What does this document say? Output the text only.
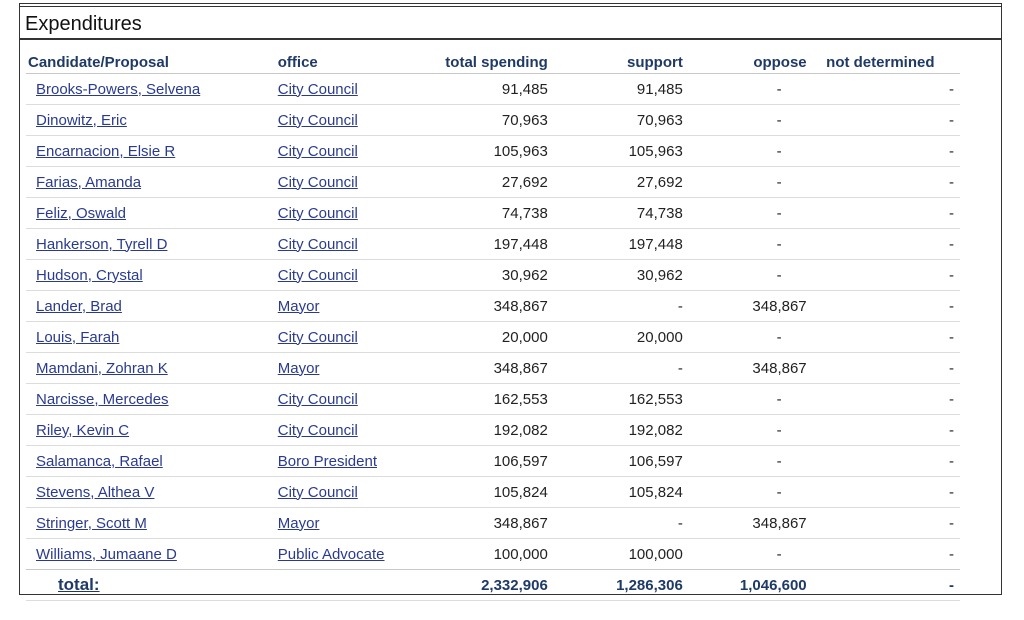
Expenditures
Candidate/Proposal	office	total spending	support	oppose	not determined
Brooks-Powers, Selvena	City Council	91,485	91,485	-	-
Dinowitz, Eric	City Council	70,963	70,963	-	-
Encarnacion, Elsie R	City Council	105,963	105,963	-	-
Farias, Amanda	City Council	27,692	27,692	-	-
Feliz, Oswald	City Council	74,738	74,738	-	-
Hankerson, Tyrell D	City Council	197,448	197,448	-	-
Hudson, Crystal	City Council	30,962	30,962	-	-
Lander, Brad	Mayor	348,867	-	348,867	-
Louis, Farah	City Council	20,000	20,000	-	-
Mamdani, Zohran K	Mayor	348,867	-	348,867	-
Narcisse, Mercedes	City Council	162,553	162,553	-	-
Riley, Kevin C	City Council	192,082	192,082	-	-
Salamanca, Rafael	Boro President	106,597	106,597	-	-
Stevens, Althea V	City Council	105,824	105,824	-	-
Stringer, Scott M	Mayor	348,867	-	348,867	-
Williams, Jumaane D	Public Advocate	100,000	100,000	-	-
total:		2,332,906	1,286,306	1,046,600	-
